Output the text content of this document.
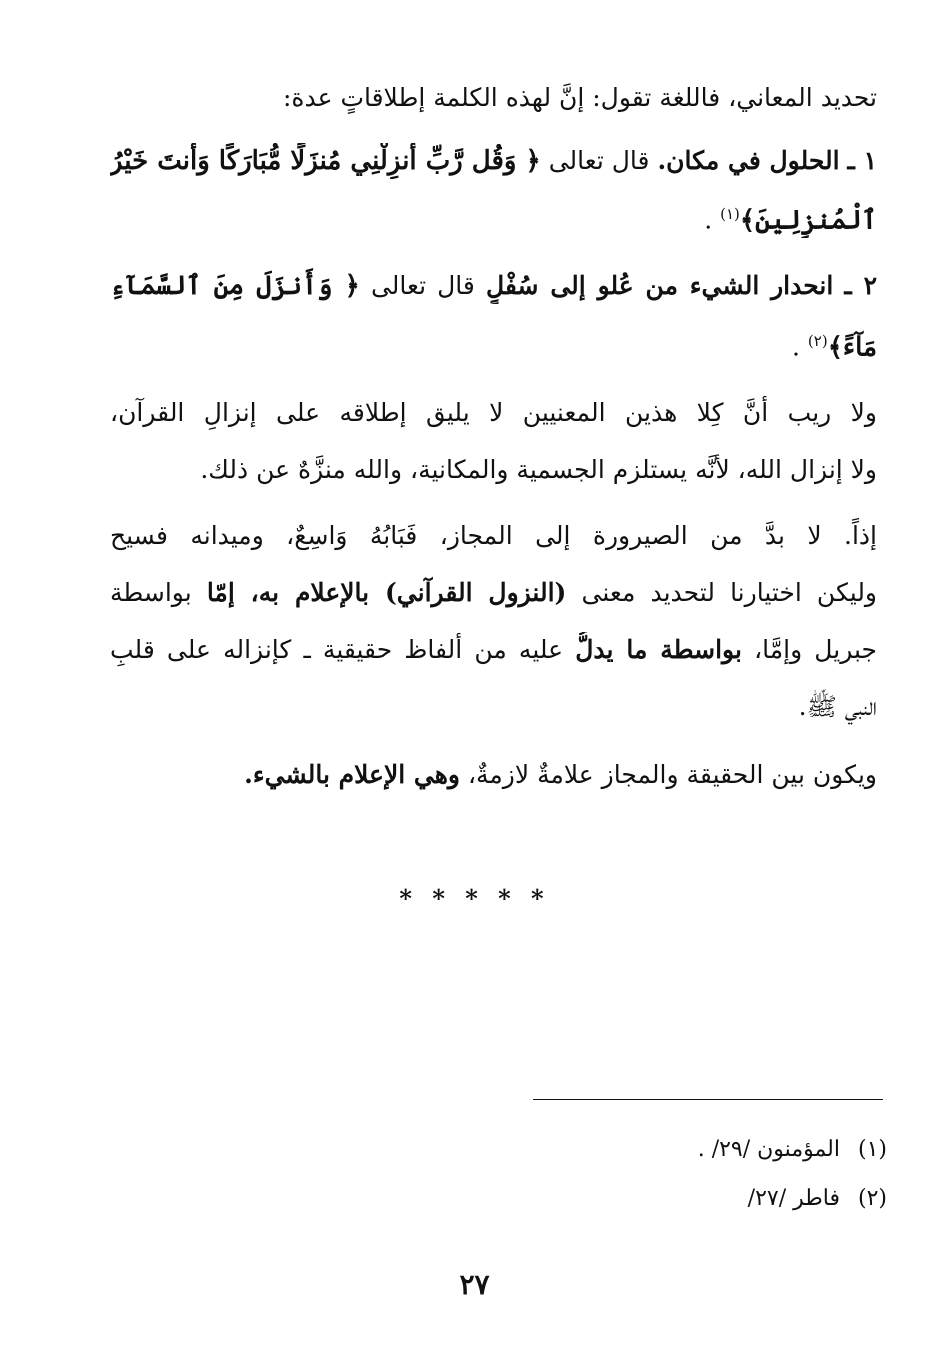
تحديد المعاني، فاللغة تقول: إنَّ لهذه الكلمة إطلاقاتٍ عدة:
١ ـ الحلول في مكان. قال تعالى ﴿ وَقُل رَّبِّ أَنزِلْنِي مُنزَلًا مُّبَارَكًا وَأَنتَ خَيْرُ
ٱلْمُنزِلِينَ﴾$^{(١)}$ .
٢ ـ انحدار الشيء من عُلو إلى سُفْلٍ قال تعالى ﴿ وَأَنزَلَ مِنَ ٱلسَّمَآءِ
مَآءً﴾$^{(٢)}$ .
ولا ريب أنَّ كِلا هذين المعنيين لا يليق إطلاقه على إنزالِ القرآن،
ولا إنزال الله، لأنَّه يستلزم الجسمية والمكانية، والله منزَّهٌ عن ذلك.
إذاً. لا بدَّ من الصيرورة إلى المجاز، فَبَابُهُ وَاسِعٌ، وميدانه فسيح
وليكن اختيارنا لتحديد معنى (النزول القرآني) بالإعلام به، إمّا بواسطة
جبريل وإمَّا، بواسطة ما يدلُّ عليه من ألفاظ حقيقية ـ كإنزاله على قلبِ
النبي ﷺ.
ويكون بين الحقيقة والمجاز علامةٌ لازمةٌ، وهي الإعلام بالشيء.
* * * * *
(١) المؤمنون /٢٩/ .
(٢) فاطر /٢٧/
٢٧
